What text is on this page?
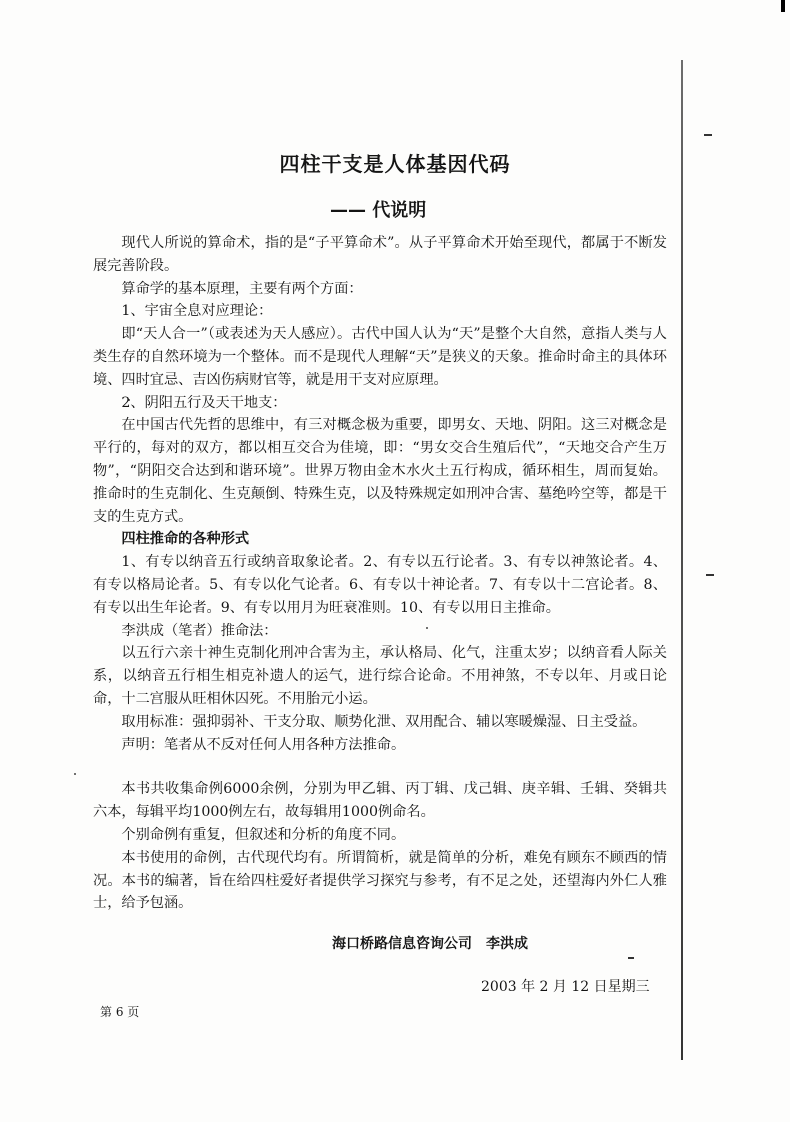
四柱干支是人体基因代码
—— 代说明

现代人所说的算命术，指的是“子平算命术”。从子平算命术开始至现代，都属于不断发展完善阶段。

算命学的基本原理，主要有两个方面：

1、宇宙全息对应理论：

即“天人合一”（或表述为天人感应）。古代中国人认为“天”是整个大自然，意指人类与人类生存的自然环境为一个整体。而不是现代人理解“天”是狭义的天象。推命时命主的具体环境、四时宜忌、吉凶伤病财官等，就是用干支对应原理。

2、阴阳五行及天干地支：

在中国古代先哲的思维中，有三对概念极为重要，即男女、天地、阴阳。这三对概念是平行的，每对的双方，都以相互交合为佳境，即：“男女交合生殖后代”，“天地交合产生万物”，“阴阳交合达到和谐环境”。世界万物由金木水火土五行构成，循环相生，周而复始。推命时的生克制化、生克颠倒、特殊生克，以及特殊规定如刑冲合害、墓绝吟空等，都是干支的生克方式。

四柱推命的各种形式

1、有专以纳音五行或纳音取象论者。2、有专以五行论者。3、有专以神煞论者。4、有专以格局论者。5、有专以化气论者。6、有专以十神论者。7、有专以十二宫论者。8、有专以出生年论者。9、有专以用月为旺衰准则。10、有专以用日主推命。

李洪成（笔者）推命法：

以五行六亲十神生克制化刑冲合害为主，承认格局、化气，注重太岁；以纳音看人际关系，以纳音五行相生相克补遗人的运气，进行综合论命。不用神煞，不专以年、月或日论命，十二宫服从旺相休囚死。不用胎元小运。

取用标准：强抑弱补、干支分取、顺势化泄、双用配合、辅以寒暖燥湿、日主受益。

声明：笔者从不反对任何人用各种方法推命。

本书共收集命例6000余例，分别为甲乙辑、丙丁辑、戊己辑、庚辛辑、壬辑、癸辑共六本，每辑平均1000例左右，故每辑用1000例命名。

个别命例有重复，但叙述和分析的角度不同。

本书使用的命例，古代现代均有。所谓简析，就是简单的分析，难免有顾东不顾西的情况。本书的编著，旨在给四柱爱好者提供学习探究与参考，有不足之处，还望海内外仁人雅士，给予包涵。

海口桥路信息咨询公司　李洪成
2003 年 2 月 12 日星期三
第 6 页
